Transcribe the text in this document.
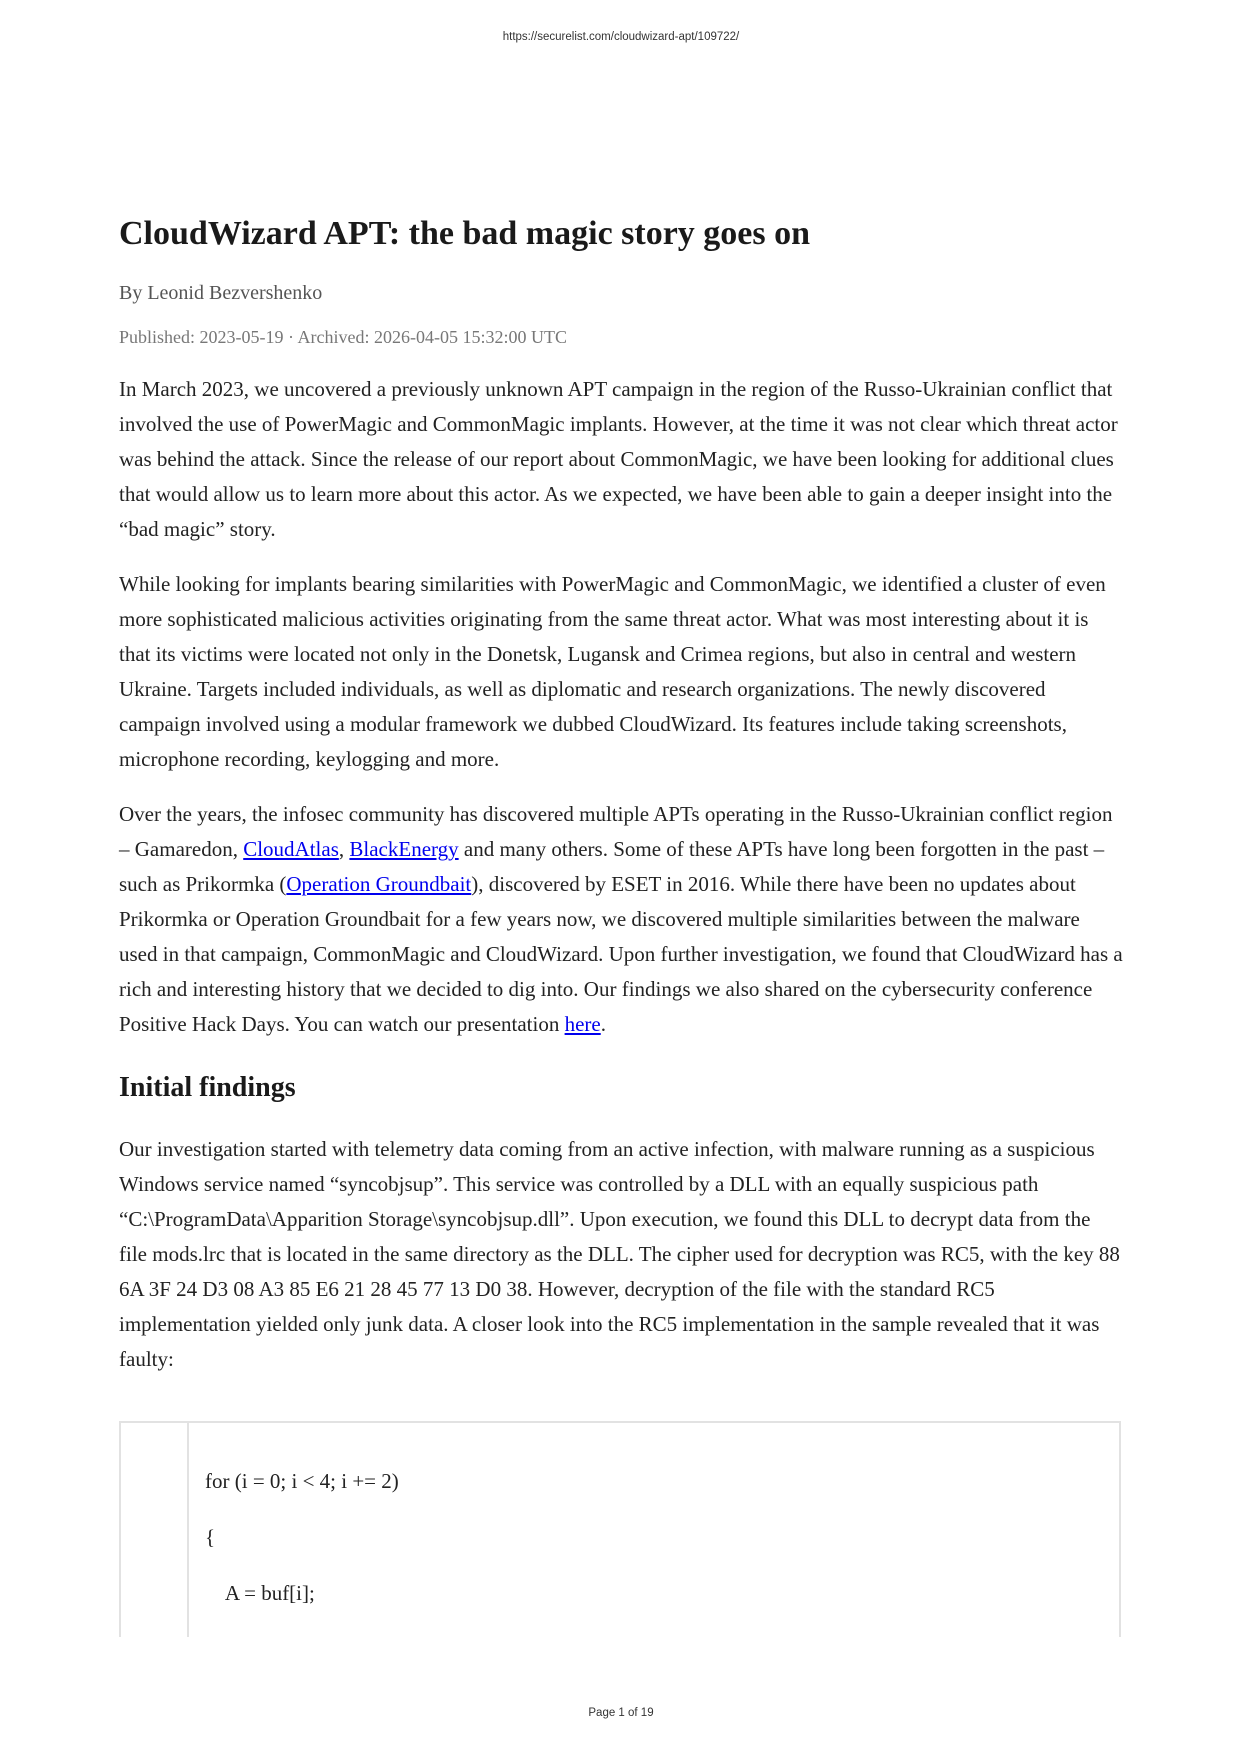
https://securelist.com/cloudwizard-apt/109722/
CloudWizard APT: the bad magic story goes on
By Leonid Bezvershenko
Published: 2023-05-19 · Archived: 2026-04-05 15:32:00 UTC

In March 2023, we uncovered a previously unknown APT campaign in the region of the Russo-Ukrainian conflict that involved the use of PowerMagic and CommonMagic implants. However, at the time it was not clear which threat actor was behind the attack. Since the release of our report about CommonMagic, we have been looking for additional clues that would allow us to learn more about this actor. As we expected, we have been able to gain a deeper insight into the “bad magic” story.

While looking for implants bearing similarities with PowerMagic and CommonMagic, we identified a cluster of even more sophisticated malicious activities originating from the same threat actor. What was most interesting about it is that its victims were located not only in the Donetsk, Lugansk and Crimea regions, but also in central and western Ukraine. Targets included individuals, as well as diplomatic and research organizations. The newly discovered campaign involved using a modular framework we dubbed CloudWizard. Its features include taking screenshots, microphone recording, keylogging and more.

Over the years, the infosec community has discovered multiple APTs operating in the Russo-Ukrainian conflict region – Gamaredon, CloudAtlas, BlackEnergy and many others. Some of these APTs have long been forgotten in the past – such as Prikormka (Operation Groundbait), discovered by ESET in 2016. While there have been no updates about Prikormka or Operation Groundbait for a few years now, we discovered multiple similarities between the malware used in that campaign, CommonMagic and CloudWizard. Upon further investigation, we found that CloudWizard has a rich and interesting history that we decided to dig into. Our findings we also shared on the cybersecurity conference Positive Hack Days. You can watch our presentation here.

Initial findings

Our investigation started with telemetry data coming from an active infection, with malware running as a suspicious Windows service named “syncobjsup”. This service was controlled by a DLL with an equally suspicious path “C:\ProgramData\Apparition Storage\syncobjsup.dll”. Upon execution, we found this DLL to decrypt data from the file mods.lrc that is located in the same directory as the DLL. The cipher used for decryption was RC5, with the key 88 6A 3F 24 D3 08 A3 85 E6 21 28 45 77 13 D0 38. However, decryption of the file with the standard RC5 implementation yielded only junk data. A closer look into the RC5 implementation in the sample revealed that it was faulty:

for (i = 0; i < 4; i += 2)
{
A = buf[i];
Page 1 of 19
